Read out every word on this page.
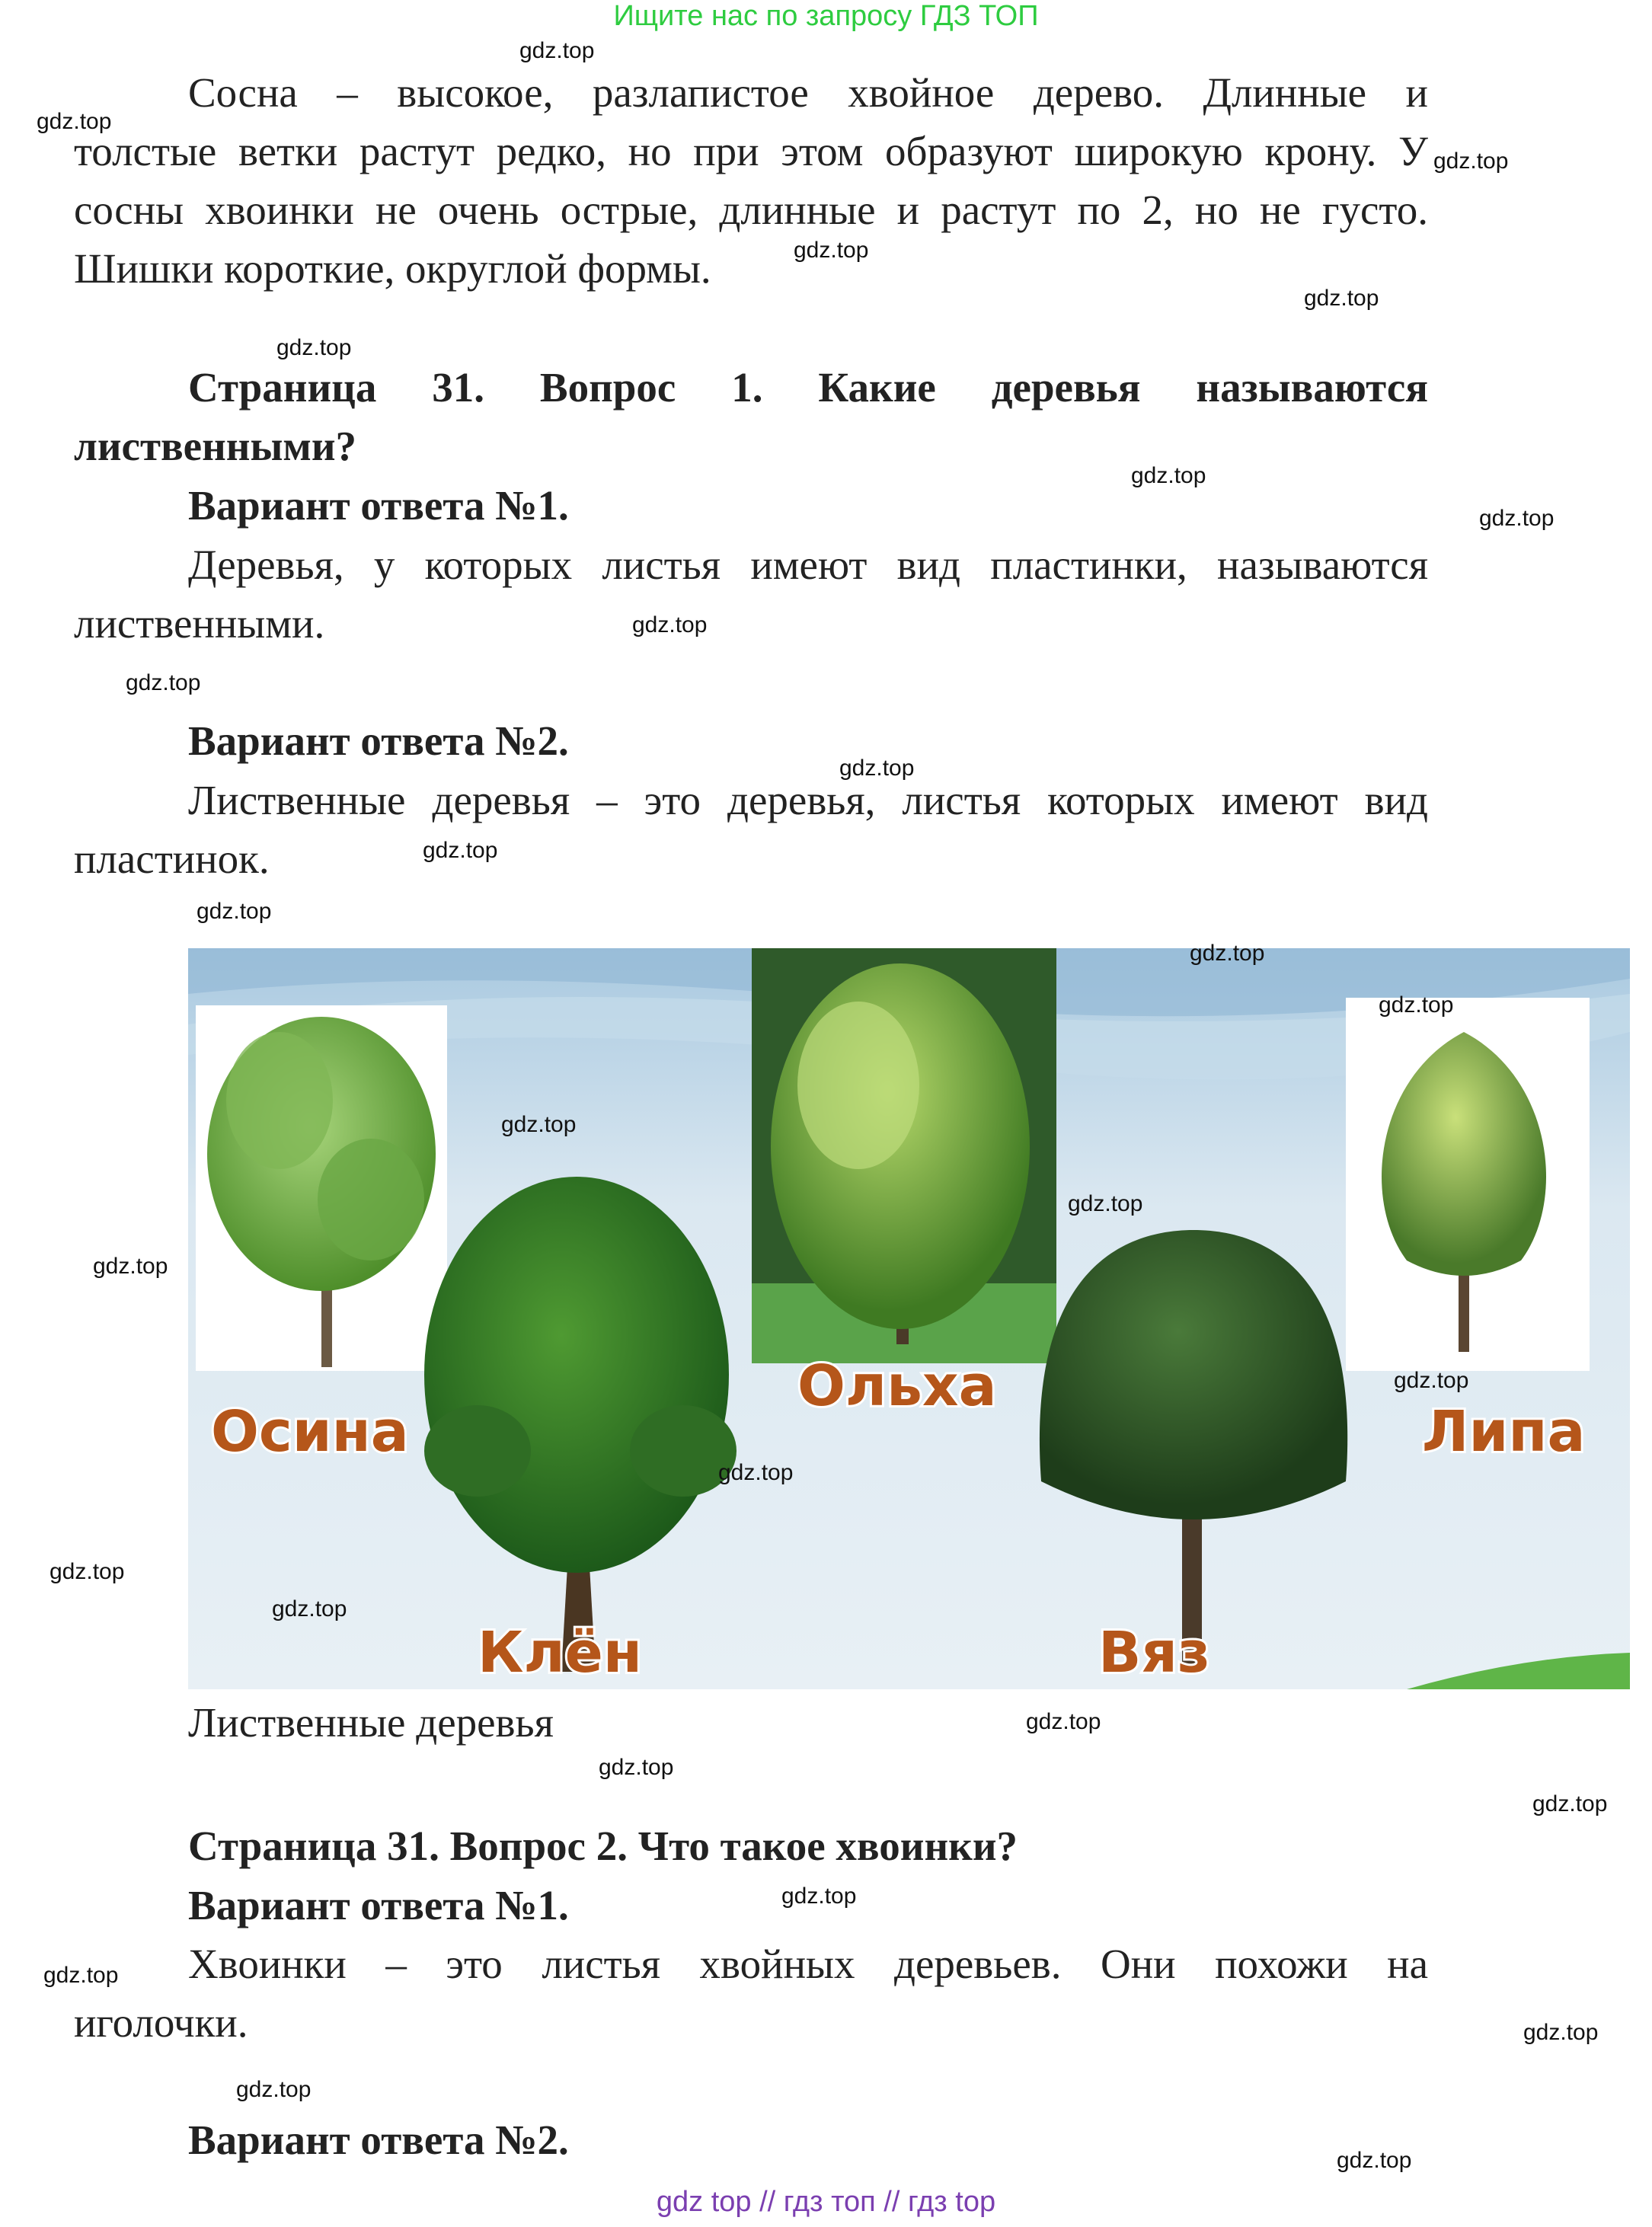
Ищите нас по запросу ГДЗ ТОП
Сосна – высокое, разлапистое хвойное дерево. Длинные и
толстые ветки растут редко, но при этом образуют широкую крону. У
сосны хвоинки не очень острые, длинные и растут по 2, но не густо.
Шишки короткие, округлой формы.
Страница 31. Вопрос 1. Какие деревья называются
лиственными?
Вариант ответа №1.
Деревья, у которых листья имеют вид пластинки, называются
лиственными.
Вариант ответа №2.
Лиственные деревья – это деревья, листья которых имеют вид
пластинок.
Осина
Клён
Ольха
Вяз
Липа
Лиственные деревья
Страница 31. Вопрос 2. Что такое хвоинки?
Вариант ответа №1.
Хвоинки – это листья хвойных деревьев. Они похожи на
иголочки.
Вариант ответа №2.
gdz top // гдз топ // гдз top
gdz.top
gdz.top
gdz.top
gdz.top
gdz.top
gdz.top
gdz.top
gdz.top
gdz.top
gdz.top
gdz.top
gdz.top
gdz.top
gdz.top
gdz.top
gdz.top
gdz.top
gdz.top
gdz.top
gdz.top
gdz.top
gdz.top
gdz.top
gdz.top
gdz.top
gdz.top
gdz.top
gdz.top
gdz.top
gdz.top
